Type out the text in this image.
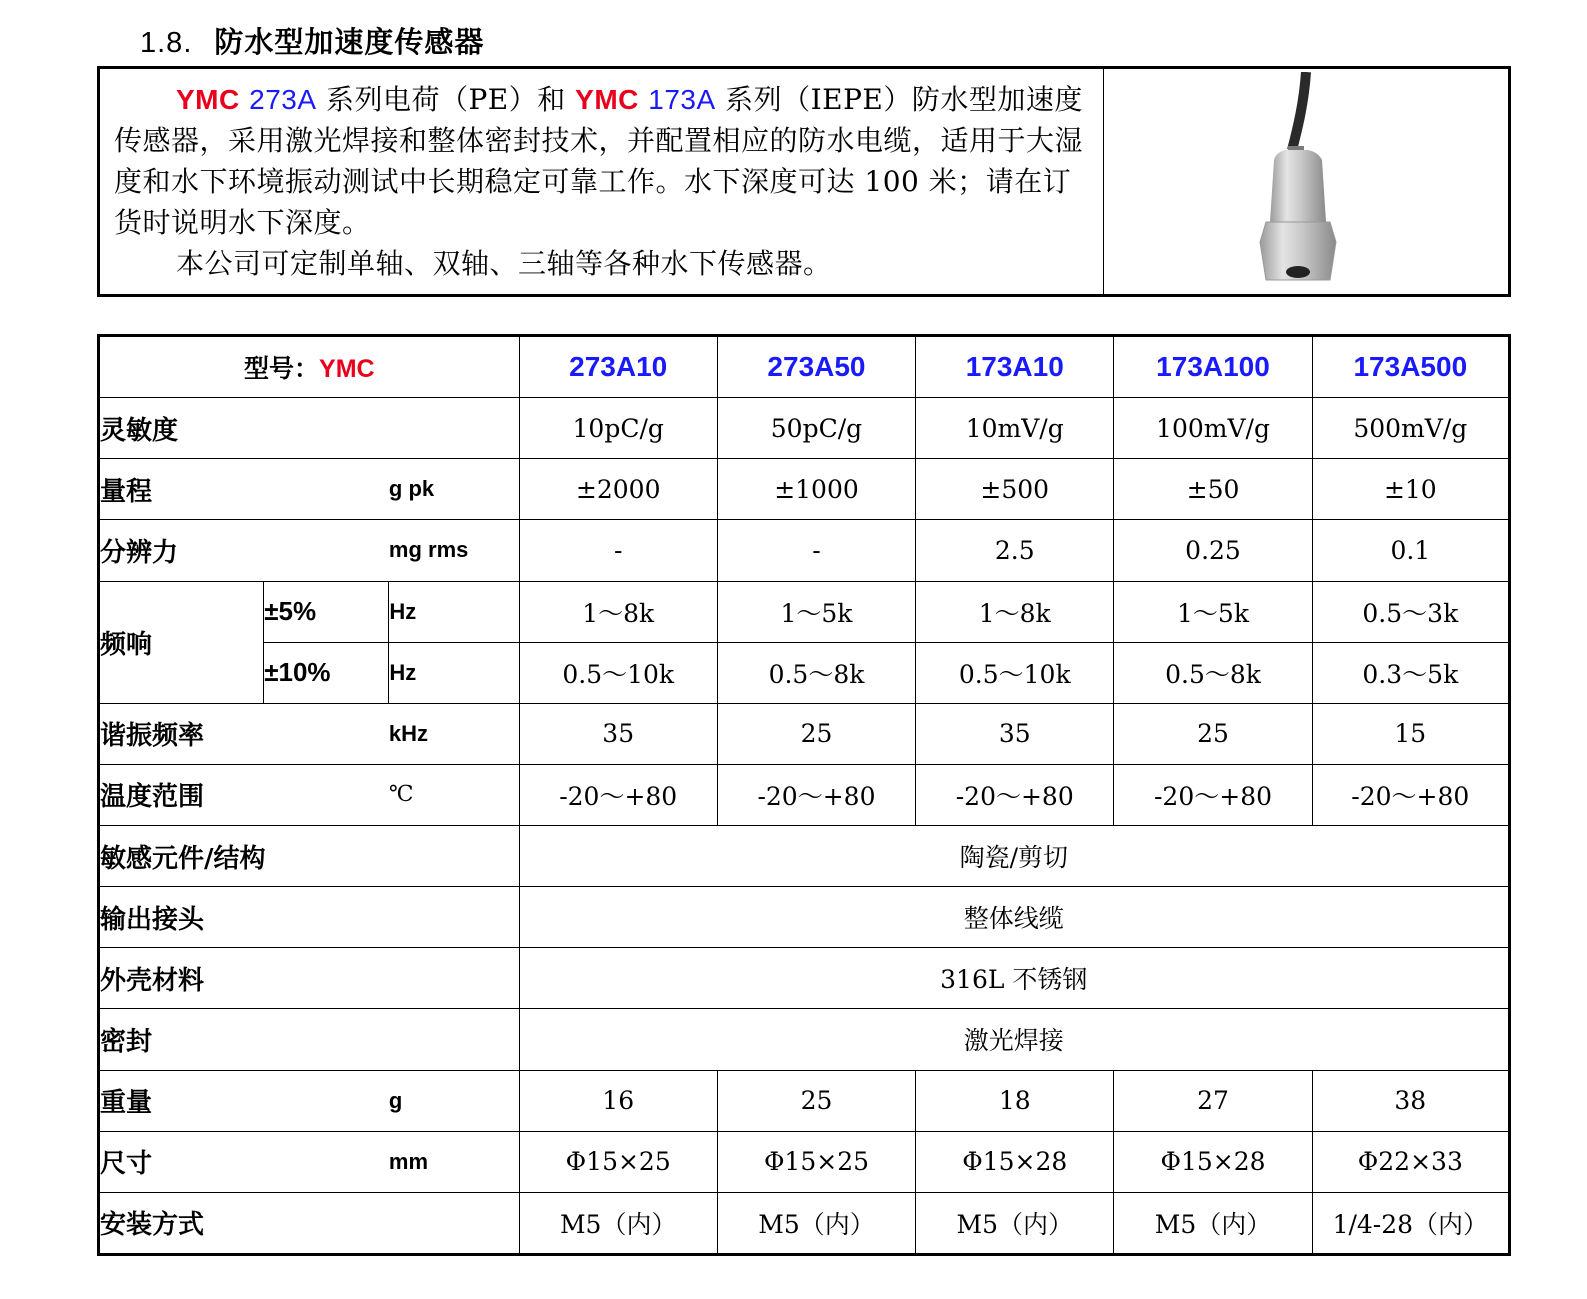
1.8. 防水型加速度传感器

YMC 273A 系列电荷（PE）和 YMC 173A 系列（IEPE）防水型加速度传感器，采用激光焊接和整体密封技术，并配置相应的防水电缆，适用于大湿度和水下环境振动测试中长期稳定可靠工作。水下深度可达 100 米；请在订货时说明水下深度。

本公司可定制单轴、双轴、三轴等各种水下传感器。

型号：YMC			273A10	273A50	173A10	173A100	173A500
灵敏度			10pC/g	50pC/g	10mV/g	100mV/g	500mV/g
量程		g pk	±2000	±1000	±500	±50	±10
分辨力		mg rms	-	-	2.5	0.25	0.1
频响	±5%	Hz	1～8k	1～5k	1～8k	1～5k	0.5～3k
	±10%	Hz	0.5～10k	0.5～8k	0.5～10k	0.5～8k	0.3～5k
谐振频率		kHz	35	25	35	25	15
温度范围		℃	-20～+80	-20～+80	-20～+80	-20～+80	-20～+80
敏感元件/结构			陶瓷/剪切				
输出接头			整体线缆				
外壳材料			316L 不锈钢				
密封			激光焊接				
重量		g	16	25	18	27	38
尺寸		mm	Φ15×25	Φ15×25	Φ15×28	Φ15×28	Φ22×33
安装方式			M5（内）	M5（内）	M5（内）	M5（内）	1/4-28（内）
